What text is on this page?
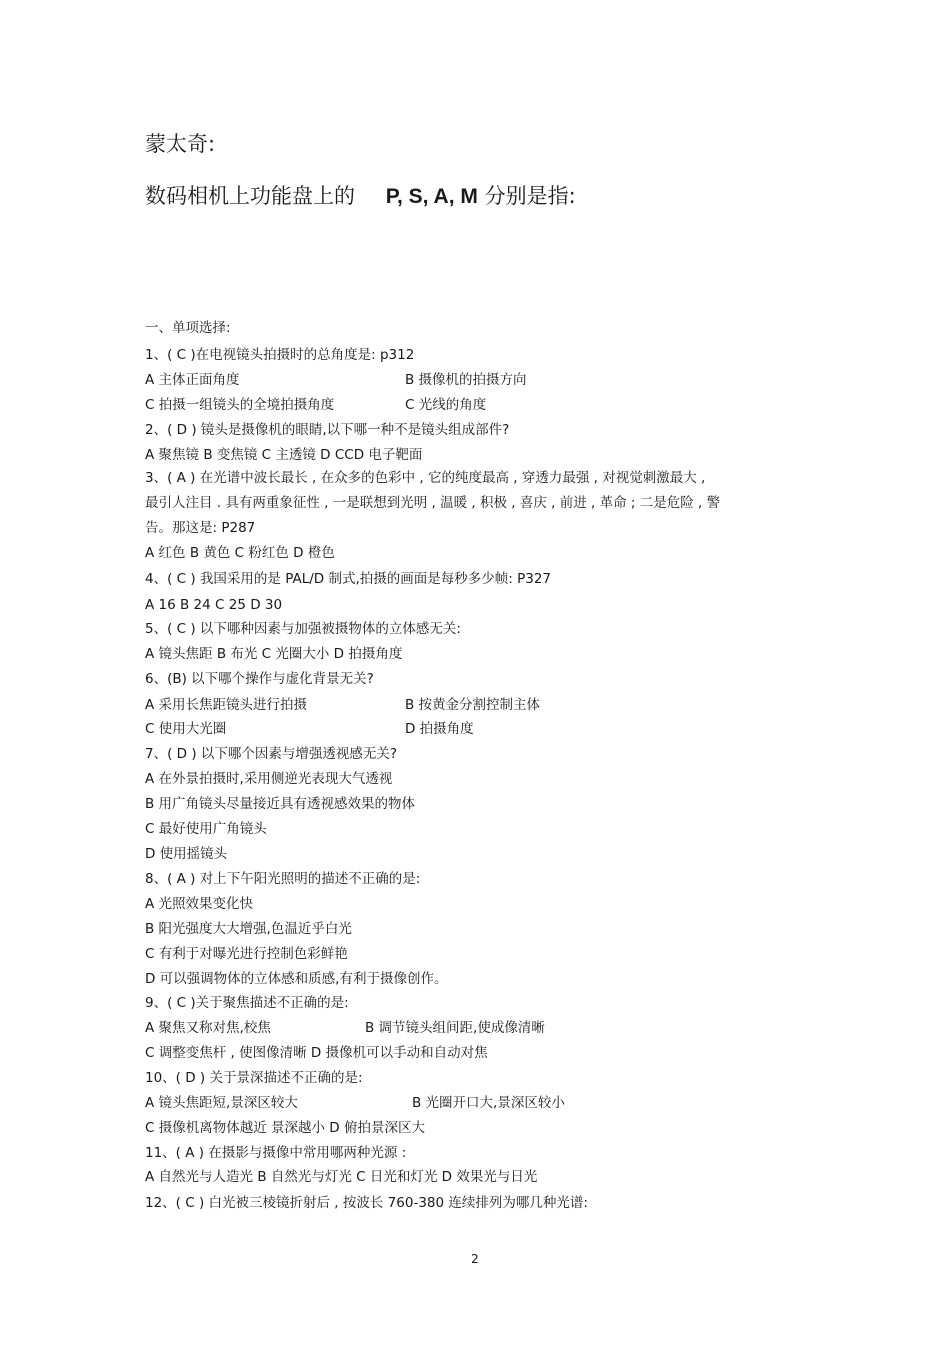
蒙太奇:
数码相机上功能盘上的 P, S, A, M 分别是指:
一、单项选择:
1、( C )在电视镜头拍摄时的总角度是: p312
A 主体正面角度	B 摄像机的拍摄方向
C 拍摄一组镜头的全境拍摄角度	C 光线的角度
2、( D ) 镜头是摄像机的眼睛,以下哪一种不是镜头组成部件?
A 聚焦镜 B 变焦镜 C 主透镜 D CCD 电子靶面
3、( A ) 在光谱中波长最长 , 在众多的色彩中 , 它的纯度最高 , 穿透力最强 , 对视觉刺激最大 ,
最引人注目 . 具有两重象征性 , 一是联想到光明 , 温暖 , 积极 , 喜庆 , 前进 , 革命 ; 二是危险 , 警
告。那这是: P287
A 红色 B 黄色 C 粉红色 D 橙色
4、( C ) 我国采用的是 PAL/D 制式,拍摄的画面是每秒多少帧: P327
A 16 B 24 C 25 D 30
5、( C ) 以下哪种因素与加强被摄物体的立体感无关:
A 镜头焦距 B 布光 C 光圈大小 D 拍摄角度
6、(B) 以下哪个操作与虚化背景无关?
A 采用长焦距镜头进行拍摄	B 按黄金分割控制主体
C 使用大光圈	D 拍摄角度
7、( D ) 以下哪个因素与增强透视感无关?
A 在外景拍摄时,采用侧逆光表现大气透视
B 用广角镜头尽量接近具有透视感效果的物体
C 最好使用广角镜头
D 使用摇镜头
8、( A ) 对上下午阳光照明的描述不正确的是:
A 光照效果变化快
B 阳光强度大大增强,色温近乎白光
C 有利于对曝光进行控制色彩鲜艳
D 可以强调物体的立体感和质感,有利于摄像创作。
9、( C )关于聚焦描述不正确的是:
A 聚焦又称对焦,校焦	B 调节镜头组间距,使成像清晰
C 调整变焦杆 , 使图像清晰 D 摄像机可以手动和自动对焦
10、( D ) 关于景深描述不正确的是:
A 镜头焦距短,景深区较大	B 光圈开口大,景深区较小
C 摄像机离物体越近 景深越小 D 俯拍景深区大
11、( A ) 在摄影与摄像中常用哪两种光源 :
A 自然光与人造光 B 自然光与灯光 C 日光和灯光 D 效果光与日光
12、( C ) 白光被三棱镜折射后 , 按波长 760-380 连续排列为哪几种光谱:
2
